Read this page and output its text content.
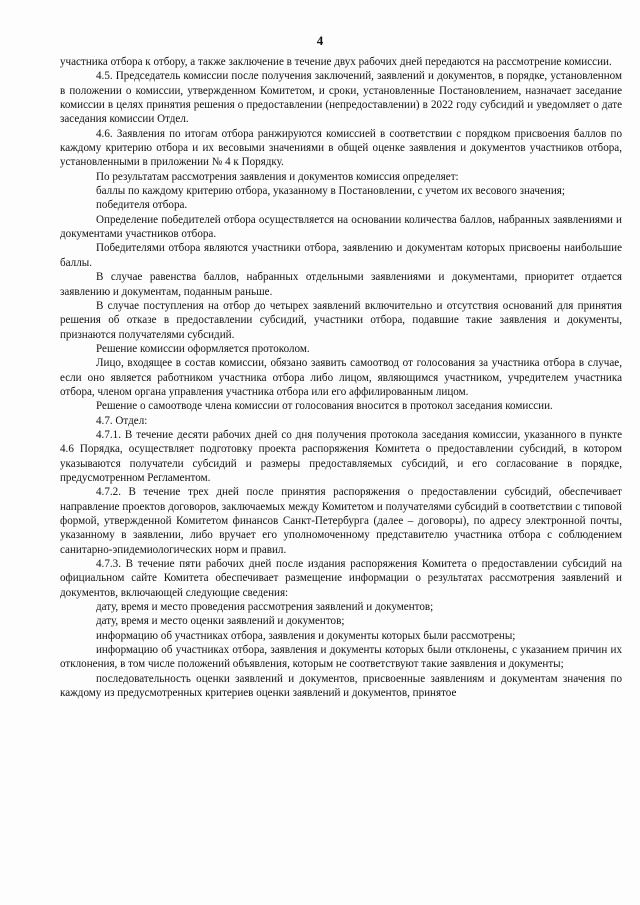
4

участника отбора к отбору, а также заключение в течение двух рабочих дней передаются на рассмотрение комиссии.

4.5. Председатель комиссии после получения заключений, заявлений и документов, в порядке, установленном в положении о комиссии, утвержденном Комитетом, и сроки, установленные Постановлением, назначает заседание комиссии в целях принятия решения о предоставлении (непредоставлении) в 2022 году субсидий и уведомляет о дате заседания комиссии Отдел.

4.6. Заявления по итогам отбора ранжируются комиссией в соответствии с порядком присвоения баллов по каждому критерию отбора и их весовыми значениями в общей оценке заявления и документов участников отбора, установленными в приложении № 4 к Порядку.

По результатам рассмотрения заявления и документов комиссия определяет:

баллы по каждому критерию отбора, указанному в Постановлении, с учетом их весового значения;

победителя отбора.

Определение победителей отбора осуществляется на основании количества баллов, набранных заявлениями и документами участников отбора.

Победителями отбора являются участники отбора, заявлению и документам которых присвоены наибольшие баллы.

В случае равенства баллов, набранных отдельными заявлениями и документами, приоритет отдается заявлению и документам, поданным раньше.

В случае поступления на отбор до четырех заявлений включительно и отсутствия оснований для принятия решения об отказе в предоставлении субсидий, участники отбора, подавшие такие заявления и документы, признаются получателями субсидий.

Решение комиссии оформляется протоколом.

Лицо, входящее в состав комиссии, обязано заявить самоотвод от голосования за участника отбора в случае, если оно является работником участника отбора либо лицом, являющимся участником, учредителем участника отбора, членом органа управления участника отбора или его аффилированным лицом.

Решение о самоотводе члена комиссии от голосования вносится в протокол заседания комиссии.

4.7. Отдел:

4.7.1. В течение десяти рабочих дней со дня получения протокола заседания комиссии, указанного в пункте 4.6 Порядка, осуществляет подготовку проекта распоряжения Комитета о предоставлении субсидий, в котором указываются получатели субсидий и размеры предоставляемых субсидий, и его согласование в порядке, предусмотренном Регламентом.

4.7.2. В течение трех дней после принятия распоряжения о предоставлении субсидий, обеспечивает направление проектов договоров, заключаемых между Комитетом и получателями субсидий в соответствии с типовой формой, утвержденной Комитетом финансов Санкт-Петербурга (далее – договоры), по адресу электронной почты, указанному в заявлении, либо вручает его уполномоченному представителю участника отбора с соблюдением санитарно-эпидемиологических норм и правил.

4.7.3. В течение пяти рабочих дней после издания распоряжения Комитета о предоставлении субсидий на официальном сайте Комитета обеспечивает размещение информации о результатах рассмотрения заявлений и документов, включающей следующие сведения:

дату, время и место проведения рассмотрения заявлений и документов;

дату, время и место оценки заявлений и документов;

информацию об участниках отбора, заявления и документы которых были рассмотрены;

информацию об участниках отбора, заявления и документы которых были отклонены, с указанием причин их отклонения, в том числе положений объявления, которым не соответствуют такие заявления и документы;

последовательность оценки заявлений и документов, присвоенные заявлениям и документам значения по каждому из предусмотренных критериев оценки заявлений и документов, принятое
